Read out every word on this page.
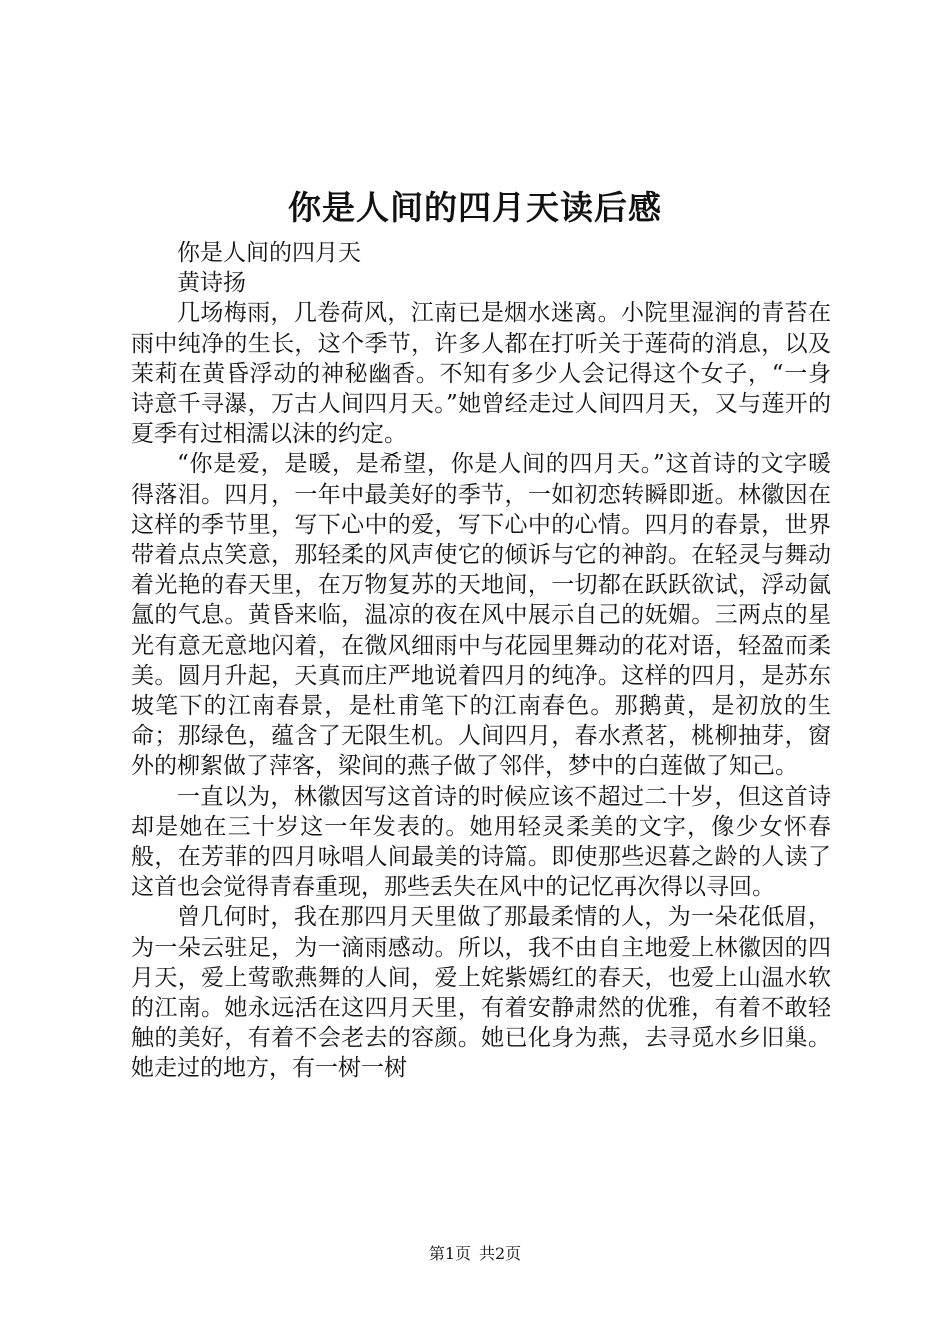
你是人间的四月天读后感

你是人间的四月天

黄诗扬

几场梅雨，几卷荷风，江南已是烟水迷离。小院里湿润的青苔在雨中纯净的生长，这个季节，许多人都在打听关于莲荷的消息，以及茉莉在黄昏浮动的神秘幽香。不知有多少人会记得这个女子，“一身诗意千寻瀑，万古人间四月天。”她曾经走过人间四月天，又与莲开的夏季有过相濡以沫的约定。

“你是爱，是暖，是希望，你是人间的四月天。”这首诗的文字暖得落泪。四月，一年中最美好的季节，一如初恋转瞬即逝。林徽因在这样的季节里，写下心中的爱，写下心中的心情。四月的春景，世界带着点点笑意，那轻柔的风声使它的倾诉与它的神韵。在轻灵与舞动着光艳的春天里，在万物复苏的天地间，一切都在跃跃欲试，浮动氤氲的气息。黄昏来临，温凉的夜在风中展示自己的妩媚。三两点的星光有意无意地闪着，在微风细雨中与花园里舞动的花对语，轻盈而柔美。圆月升起，天真而庄严地说着四月的纯净。这样的四月，是苏东坡笔下的江南春景，是杜甫笔下的江南春色。那鹅黄，是初放的生命；那绿色，蕴含了无限生机。人间四月，春水煮茗，桃柳抽芽，窗外的柳絮做了萍客，梁间的燕子做了邻伴，梦中的白莲做了知己。

一直以为，林徽因写这首诗的时候应该不超过二十岁，但这首诗却是她在三十岁这一年发表的。她用轻灵柔美的文字，像少女怀春般，在芳菲的四月咏唱人间最美的诗篇。即使那些迟暮之龄的人读了这首也会觉得青春重现，那些丢失在风中的记忆再次得以寻回。

曾几何时，我在那四月天里做了那最柔情的人，为一朵花低眉，为一朵云驻足，为一滴雨感动。所以，我不由自主地爱上林徽因的四月天，爱上莺歌燕舞的人间，爱上姹紫嫣红的春天，也爱上山温水软的江南。她永远活在这四月天里，有着安静肃然的优雅，有着不敢轻触的美好，有着不会老去的容颜。她已化身为燕，去寻觅水乡旧巢。她走过的地方，有一树一树

第1页 共2页
